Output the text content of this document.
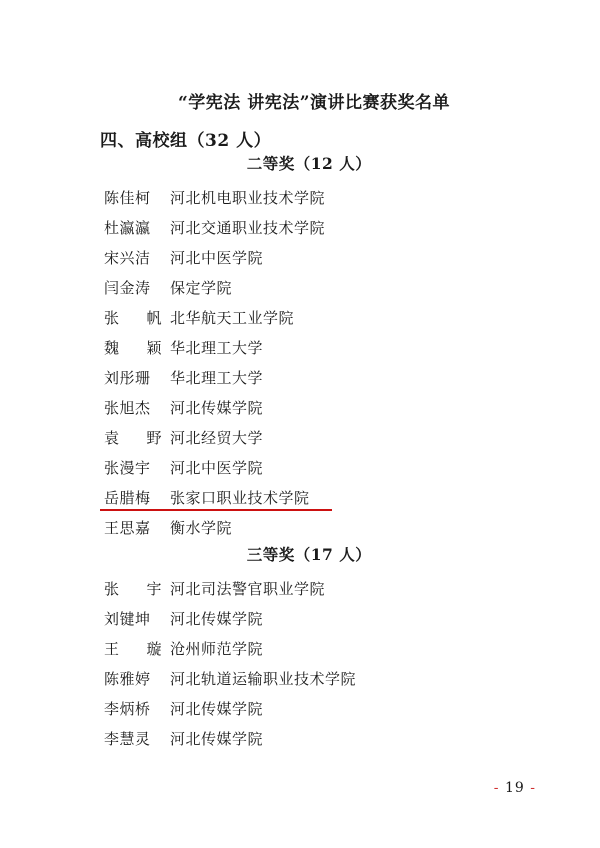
“学宪法 讲宪法”演讲比赛获奖名单
四、高校组（32 人）
二等奖（12 人）
陈佳柯	河北机电职业技术学院
杜瀛瀛	河北交通职业技术学院
宋兴洁	河北中医学院
闫金涛	保定学院
张 帆 北华航天工业学院
魏 颖 华北理工大学
刘彤珊	华北理工大学
张旭杰	河北传媒学院
袁 野 河北经贸大学
张漫宇	河北中医学院
岳腊梅	张家口职业技术学院
王思嘉	衡水学院
三等奖（17 人）
张 宇 河北司法警官职业学院
刘键坤	河北传媒学院
王 璇 沧州师范学院
陈雅婷	河北轨道运输职业技术学院
李炳桥	河北传媒学院
李慧灵	河北传媒学院
- 19 -
